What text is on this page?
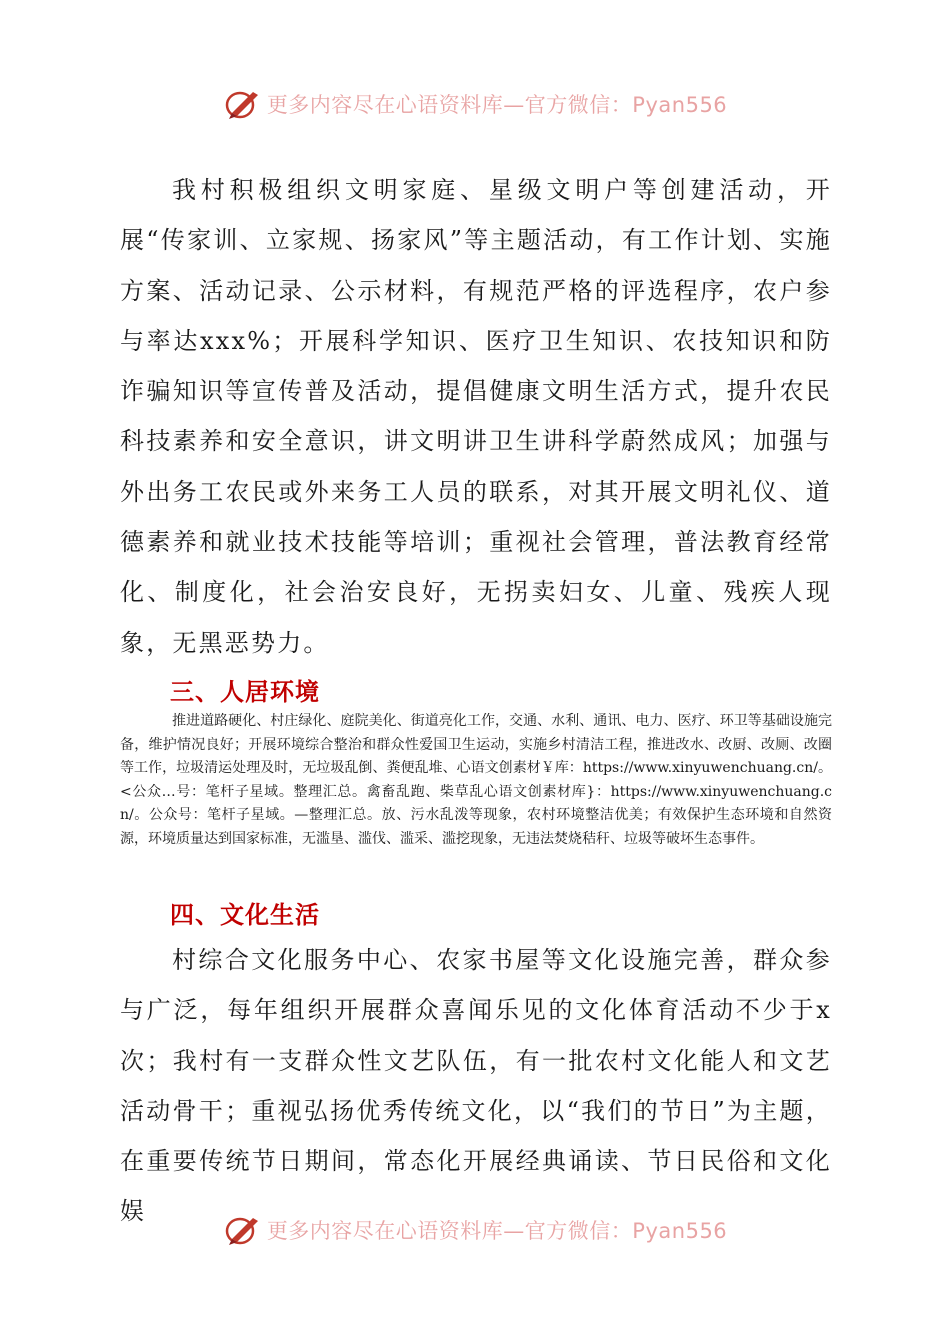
更多内容尽在心语资料库—官方微信：Pyan556

我村积极组织文明家庭、星级文明户等创建活动，开展“传家训、立家规、扬家风”等主题活动，有工作计划、实施方案、活动记录、公示材料，有规范严格的评选程序，农户参与率达xxx%；开展科学知识、医疗卫生知识、农技知识和防诈骗知识等宣传普及活动，提倡健康文明生活方式，提升农民科技素养和安全意识，讲文明讲卫生讲科学蔚然成风；加强与外出务工农民或外来务工人员的联系，对其开展文明礼仪、道德素养和就业技术技能等培训；重视社会管理，普法教育经常化、制度化，社会治安良好，无拐卖妇女、儿童、残疾人现象，无黑恶势力。

三、人居环境

推进道路硬化、村庄绿化、庭院美化、街道亮化工作，交通、水利、通讯、电力、医疗、环卫等基础设施完备，维护情况良好；开展环境综合整治和群众性爱国卫生运动，实施乡村清洁工程，推进改水、改厨、改厕、改圈等工作，垃圾清运处理及时，无垃圾乱倒、粪便乱堆、心语文创素材￥库：https://www.xinyuwenchuang.cn/。<公众…号：笔杆子星域。整理汇总。禽畜乱跑、柴草乱心语文创素材库}：https://www.xinyuwenchuang.cn/。公众号：笔杆子星域。—整理汇总。放、污水乱泼等现象，农村环境整洁优美；有效保护生态环境和自然资源，环境质量达到国家标准，无滥垦、滥伐、滥采、滥挖现象，无违法焚烧秸秆、垃圾等破坏生态事件。

四、文化生活

村综合文化服务中心、农家书屋等文化设施完善，群众参与广泛，每年组织开展群众喜闻乐见的文化体育活动不少于x次；我村有一支群众性文艺队伍，有一批农村文化能人和文艺活动骨干；重视弘扬优秀传统文化，以“我们的节日”为主题，在重要传统节日期间，常态化开展经典诵读、节日民俗和文化娱

更多内容尽在心语资料库—官方微信：Pyan556
